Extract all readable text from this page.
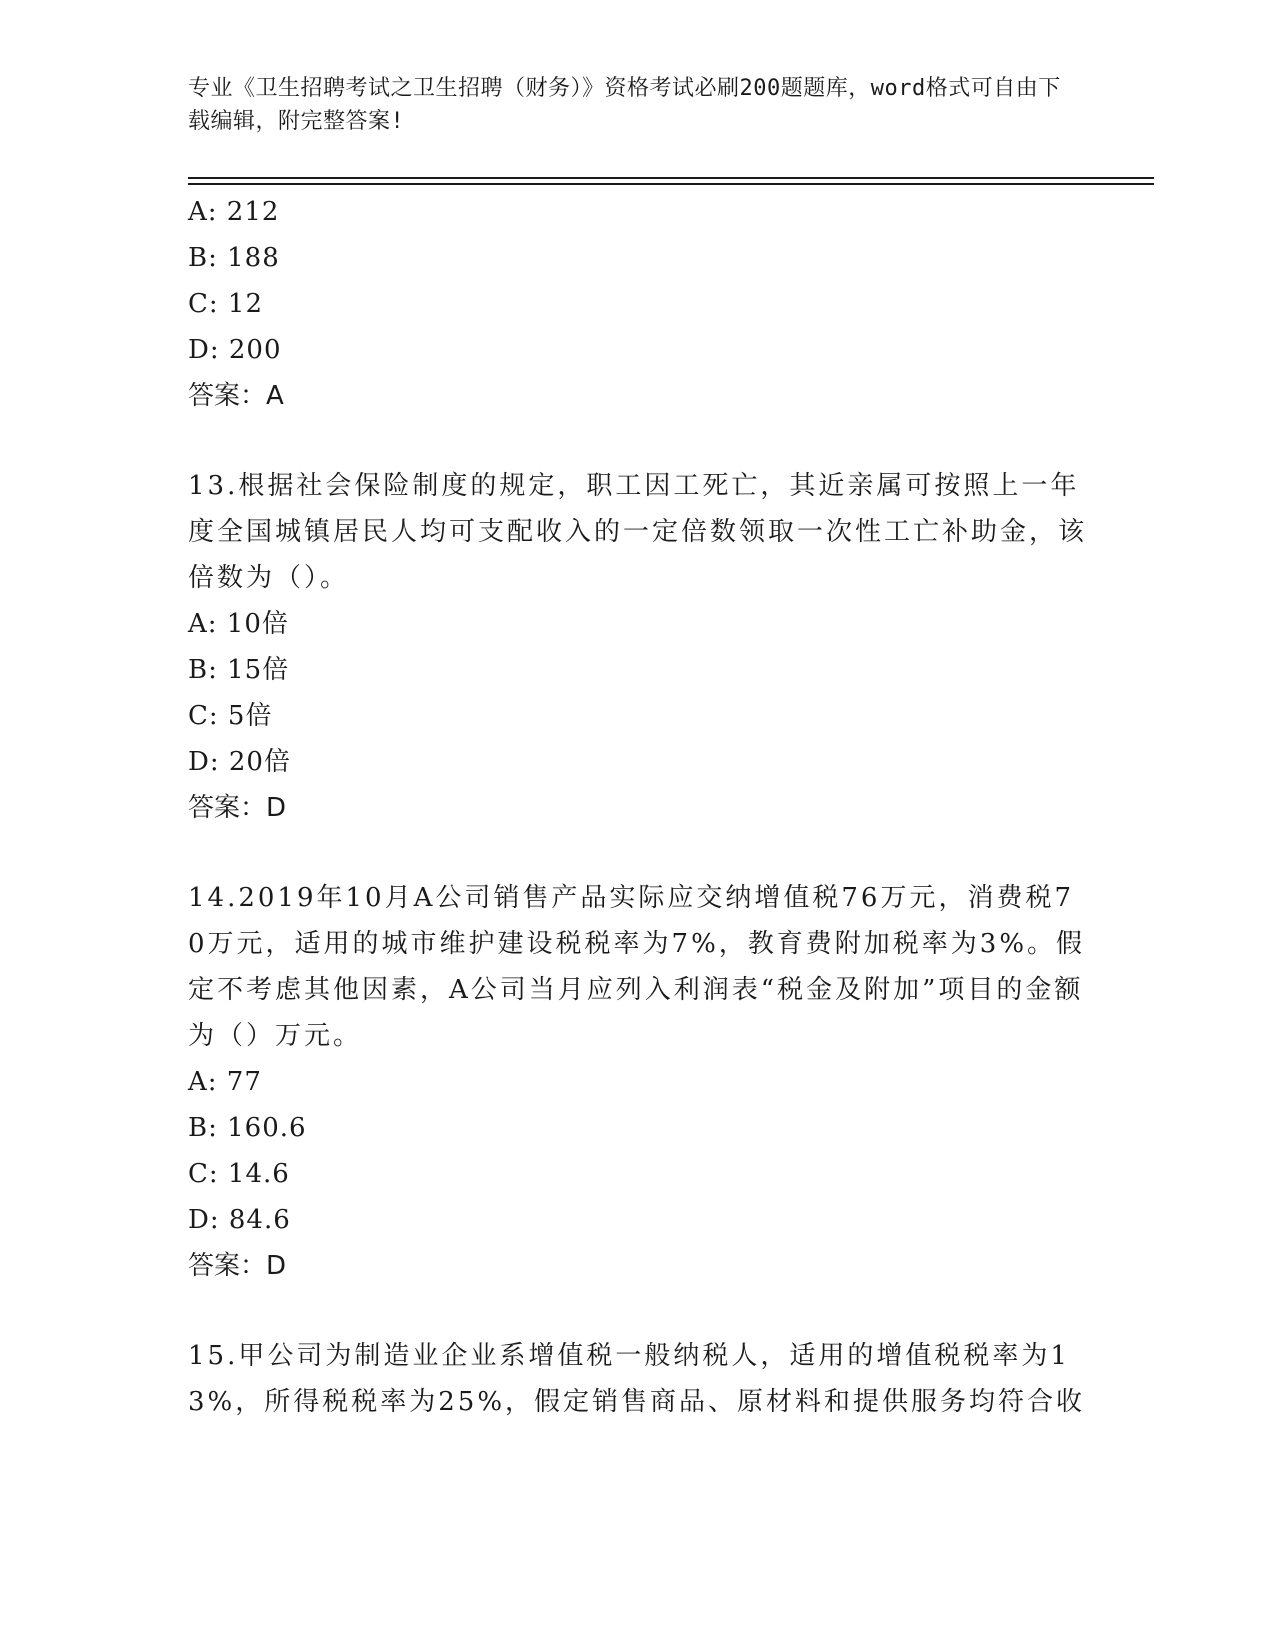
专业《卫生招聘考试之卫生招聘（财务）》资格考试必刷200题题库，word格式可自由下载编辑，附完整答案!
A: 212
B: 188
C: 12
D: 200
答案：A
13.根据社会保险制度的规定，职工因工死亡，其近亲属可按照上一年度全国城镇居民人均可支配收入的一定倍数领取一次性工亡补助金，该倍数为（）。
A: 10倍
B: 15倍
C: 5倍
D: 20倍
答案：D
14.2019年10月A公司销售产品实际应交纳增值税76万元，消费税70万元，适用的城市维护建设税税率为7%，教育费附加税率为3%。假定不考虑其他因素，A公司当月应列入利润表“税金及附加”项目的金额为（）万元。
A: 77
B: 160.6
C: 14.6
D: 84.6
答案：D
15.甲公司为制造业企业系增值税一般纳税人，适用的增值税税率为13%，所得税税率为25%，假定销售商品、原材料和提供服务均符合收
